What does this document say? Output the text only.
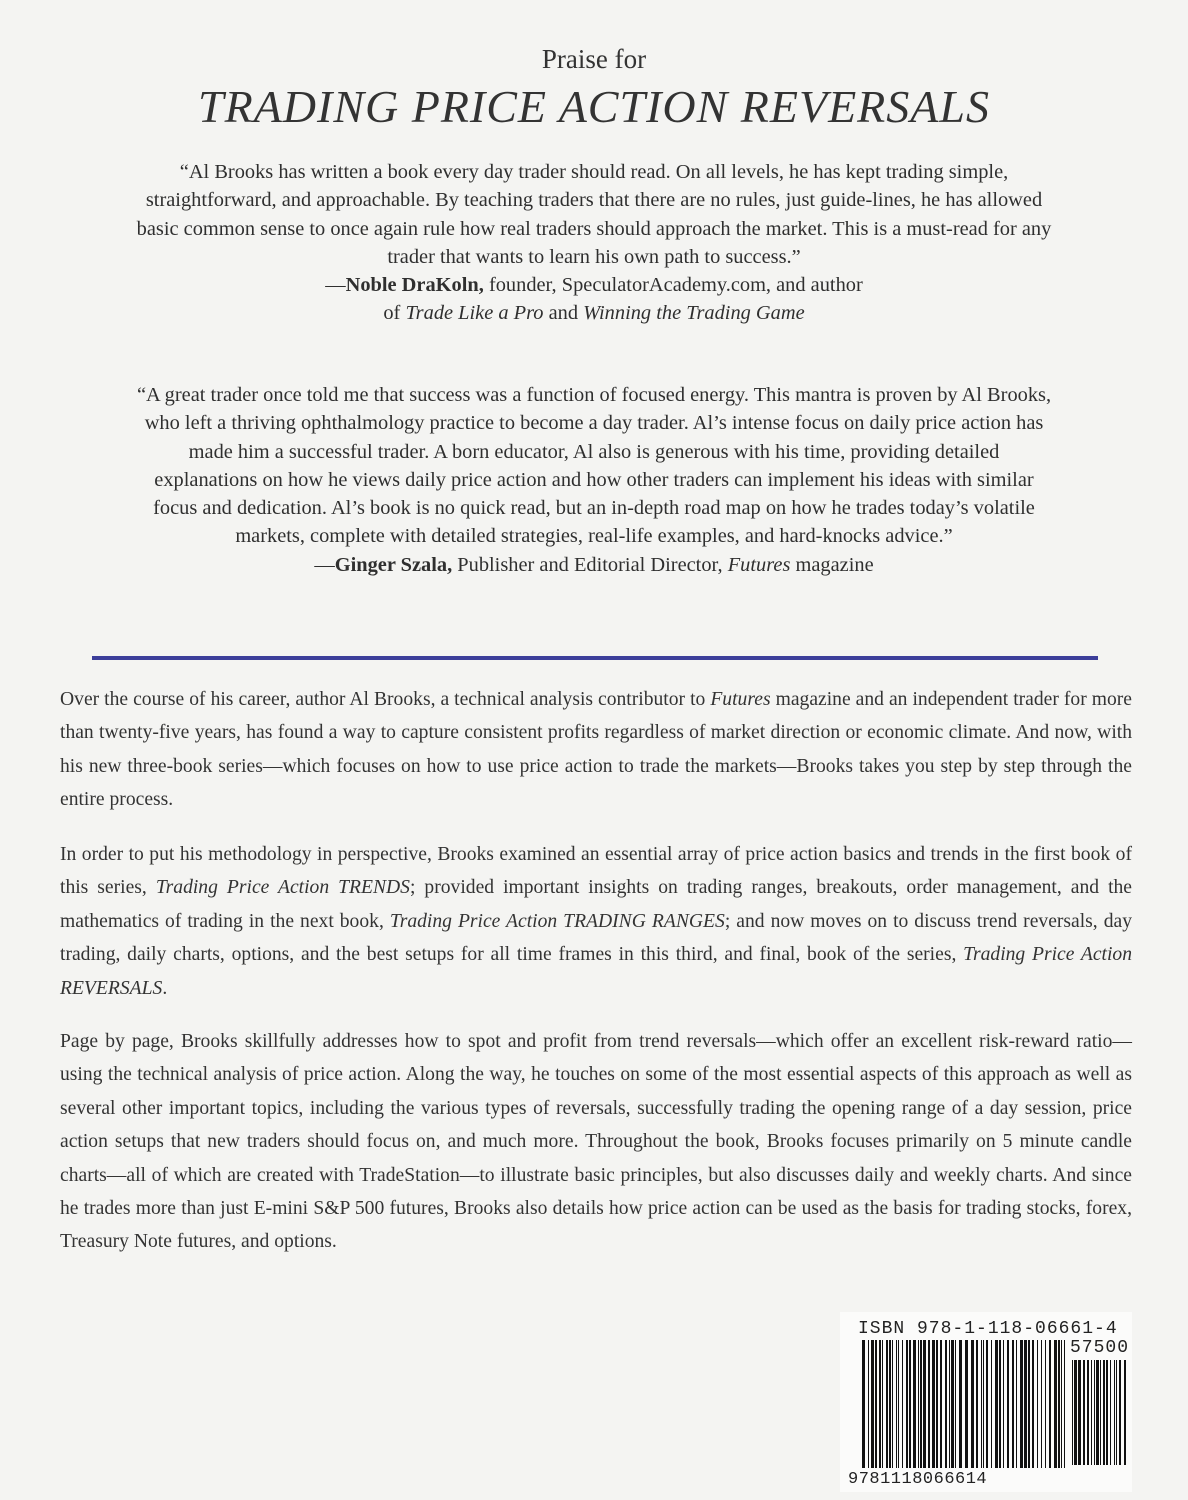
Praise for
TRADING PRICE ACTION REVERSALS

“Al Brooks has written a book every day trader should read. On all levels, he has kept trading simple, straightforward, and approachable. By teaching traders that there are no rules, just guide-lines, he has allowed basic common sense to once again rule how real traders should approach the market. This is a must-read for any trader that wants to learn his own path to success.”

—Noble DraKoln, founder, SpeculatorAcademy.com, and author

of Trade Like a Pro and Winning the Trading Game

“A great trader once told me that success was a function of focused energy. This mantra is proven by Al Brooks, who left a thriving ophthalmology practice to become a day trader. Al’s intense focus on daily price action has made him a successful trader. A born educator, Al also is generous with his time, providing detailed explanations on how he views daily price action and how other traders can implement his ideas with similar focus and dedication. Al’s book is no quick read, but an in-depth road map on how he trades today’s volatile markets, complete with detailed strategies, real-life examples, and hard-knocks advice.”

—Ginger Szala, Publisher and Editorial Director, Futures magazine

Over the course of his career, author Al Brooks, a technical analysis contributor to Futures magazine and an independent trader for more than twenty-five years, has found a way to capture consistent profits regardless of market direction or economic climate. And now, with his new three-book series—which focuses on how to use price action to trade the markets—Brooks takes you step by step through the entire process.

In order to put his methodology in perspective, Brooks examined an essential array of price action basics and trends in the first book of this series, Trading Price Action TRENDS; provided important insights on trading ranges, breakouts, order management, and the mathematics of trading in the next book, Trading Price Action TRADING RANGES; and now moves on to discuss trend reversals, day trading, daily charts, options, and the best setups for all time frames in this third, and final, book of the series, Trading Price Action REVERSALS.

Page by page, Brooks skillfully addresses how to spot and profit from trend reversals—which offer an excellent risk-reward ratio—using the technical analysis of price action. Along the way, he touches on some of the most essential aspects of this approach as well as several other important topics, including the various types of reversals, successfully trading the opening range of a day session, price action setups that new traders should focus on, and much more. Throughout the book, Brooks focuses primarily on 5 minute candle charts—all of which are created with TradeStation—to illustrate basic principles, but also discusses daily and weekly charts. And since he trades more than just E-mini S&P 500 futures, Brooks also details how price action can be used as the basis for trading stocks, forex, Treasury Note futures, and options.

ISBN 978-1-118-06661-4
57500
9781118066614
